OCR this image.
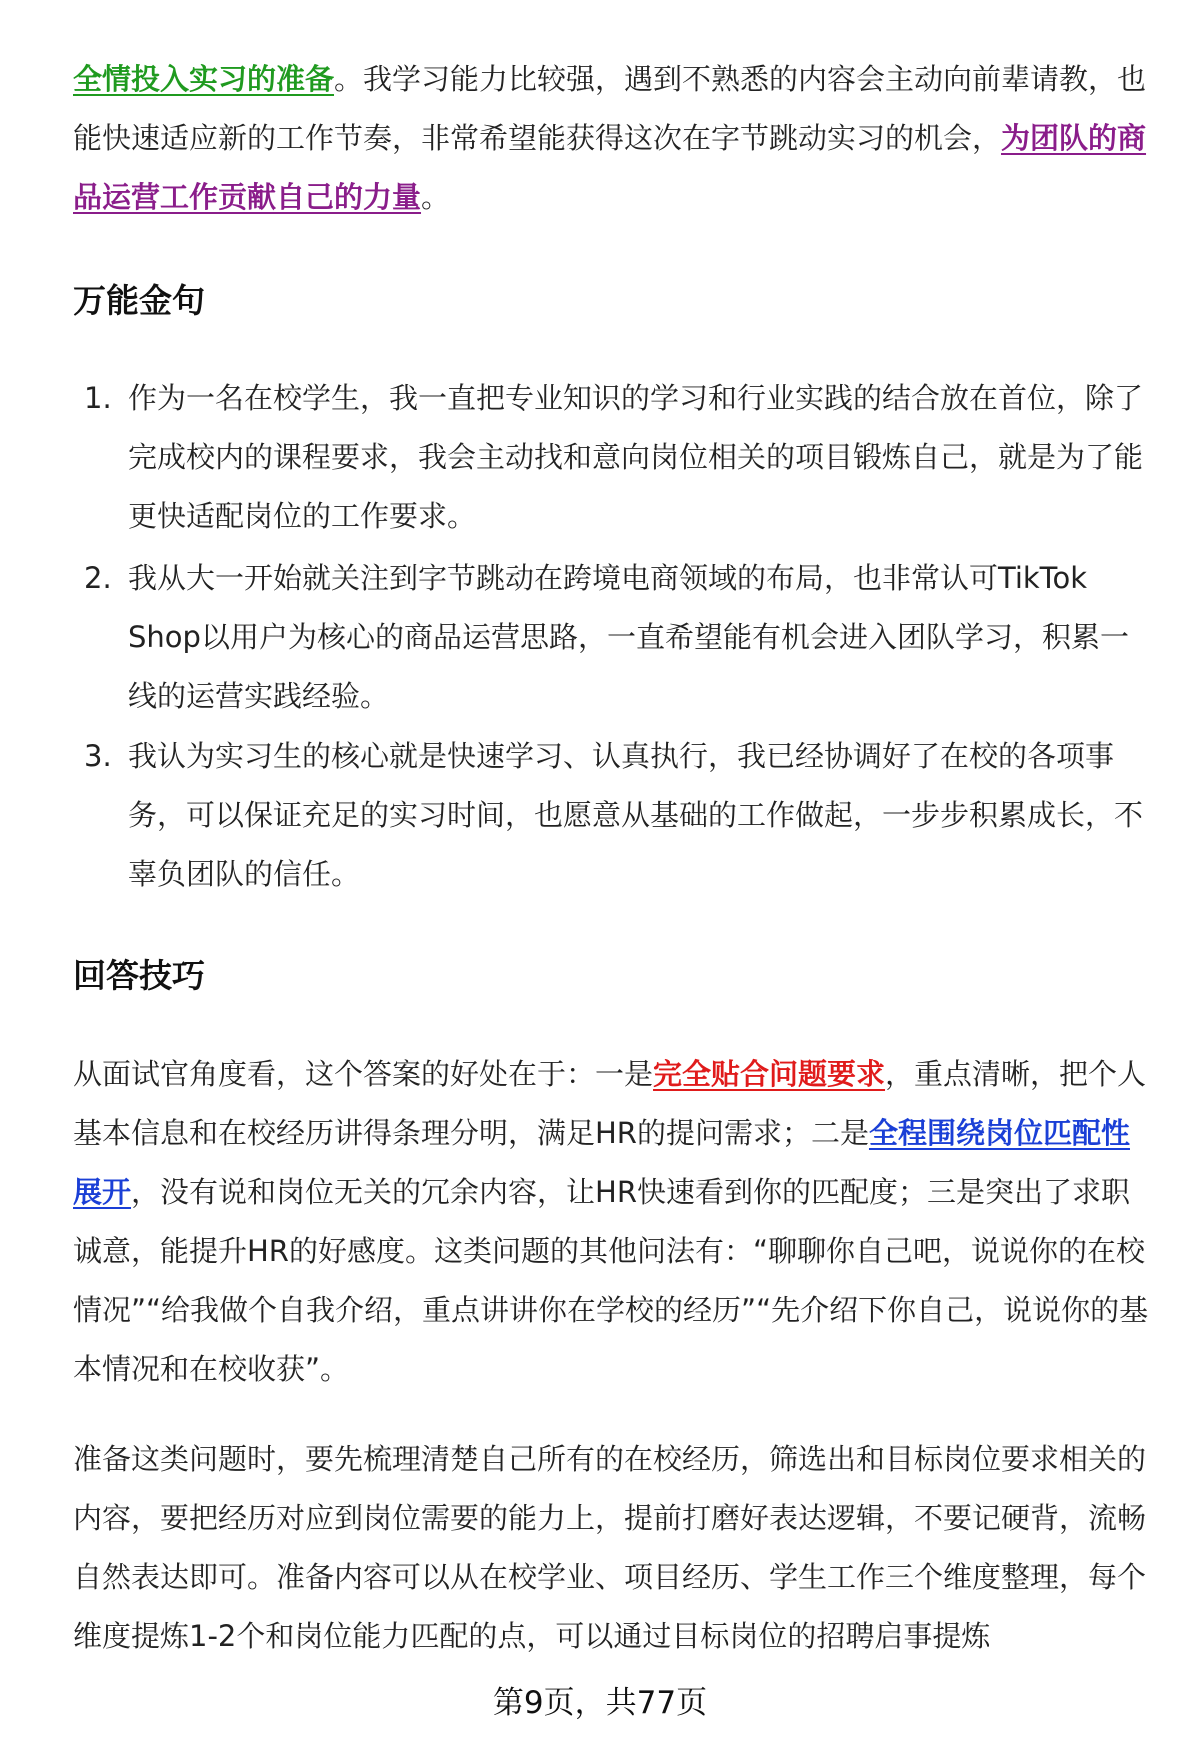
全情投入实习的准备。我学习能力比较强，遇到不熟悉的内容会主动向前辈请教，也能快速适应新的工作节奏，非常希望能获得这次在字节跳动实习的机会，为团队的商品运营工作贡献自己的力量。

万能金句
1. 作为一名在校学生，我一直把专业知识的学习和行业实践的结合放在首位，除了完成校内的课程要求，我会主动找和意向岗位相关的项目锻炼自己，就是为了能更快适配岗位的工作要求。
2. 我从大一开始就关注到字节跳动在跨境电商领域的布局，也非常认可TikTok Shop以用户为核心的商品运营思路，一直希望能有机会进入团队学习，积累一线的运营实践经验。
3. 我认为实习生的核心就是快速学习、认真执行，我已经协调好了在校的各项事务，可以保证充足的实习时间，也愿意从基础的工作做起，一步步积累成长，不辜负团队的信任。
回答技巧

从面试官角度看，这个答案的好处在于：一是完全贴合问题要求，重点清晰，把个人基本信息和在校经历讲得条理分明，满足HR的提问需求；二是全程围绕岗位匹配性展开，没有说和岗位无关的冗余内容，让HR快速看到你的匹配度；三是突出了求职诚意，能提升HR的好感度。这类问题的其他问法有：“聊聊你自己吧，说说你的在校情况”“给我做个自我介绍，重点讲讲你在学校的经历”“先介绍下你自己，说说你的基本情况和在校收获”。

准备这类问题时，要先梳理清楚自己所有的在校经历，筛选出和目标岗位要求相关的内容，要把经历对应到岗位需要的能力上，提前打磨好表达逻辑，不要记硬背，流畅自然表达即可。准备内容可以从在校学业、项目经历、学生工作三个维度整理，每个维度提炼1-2个和岗位能力匹配的点，可以通过目标岗位的招聘启事提炼

第9页，共77页
